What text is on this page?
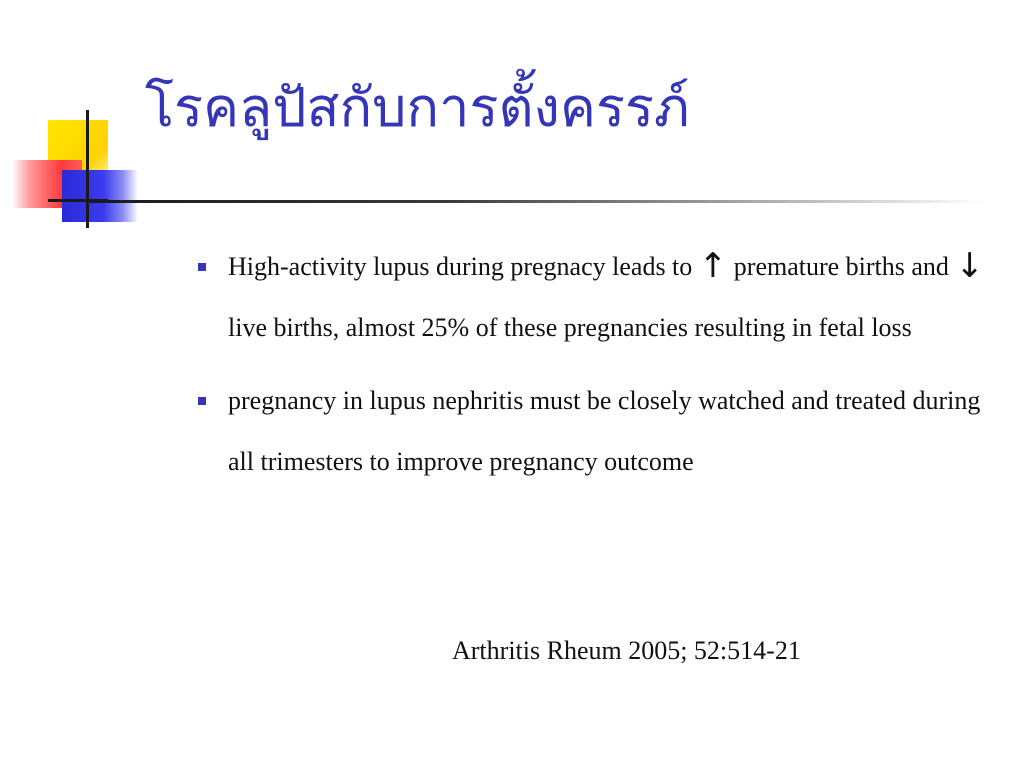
โรคลูปัสกับการตั้งครรภ์
High-activity lupus during pregnacy leads to ↑ premature births and ↓ live births, almost 25% of these pregnancies resulting in fetal loss
pregnancy in lupus nephritis must be closely watched and treated during all trimesters to improve pregnancy outcome
Arthritis Rheum 2005; 52:514-21
